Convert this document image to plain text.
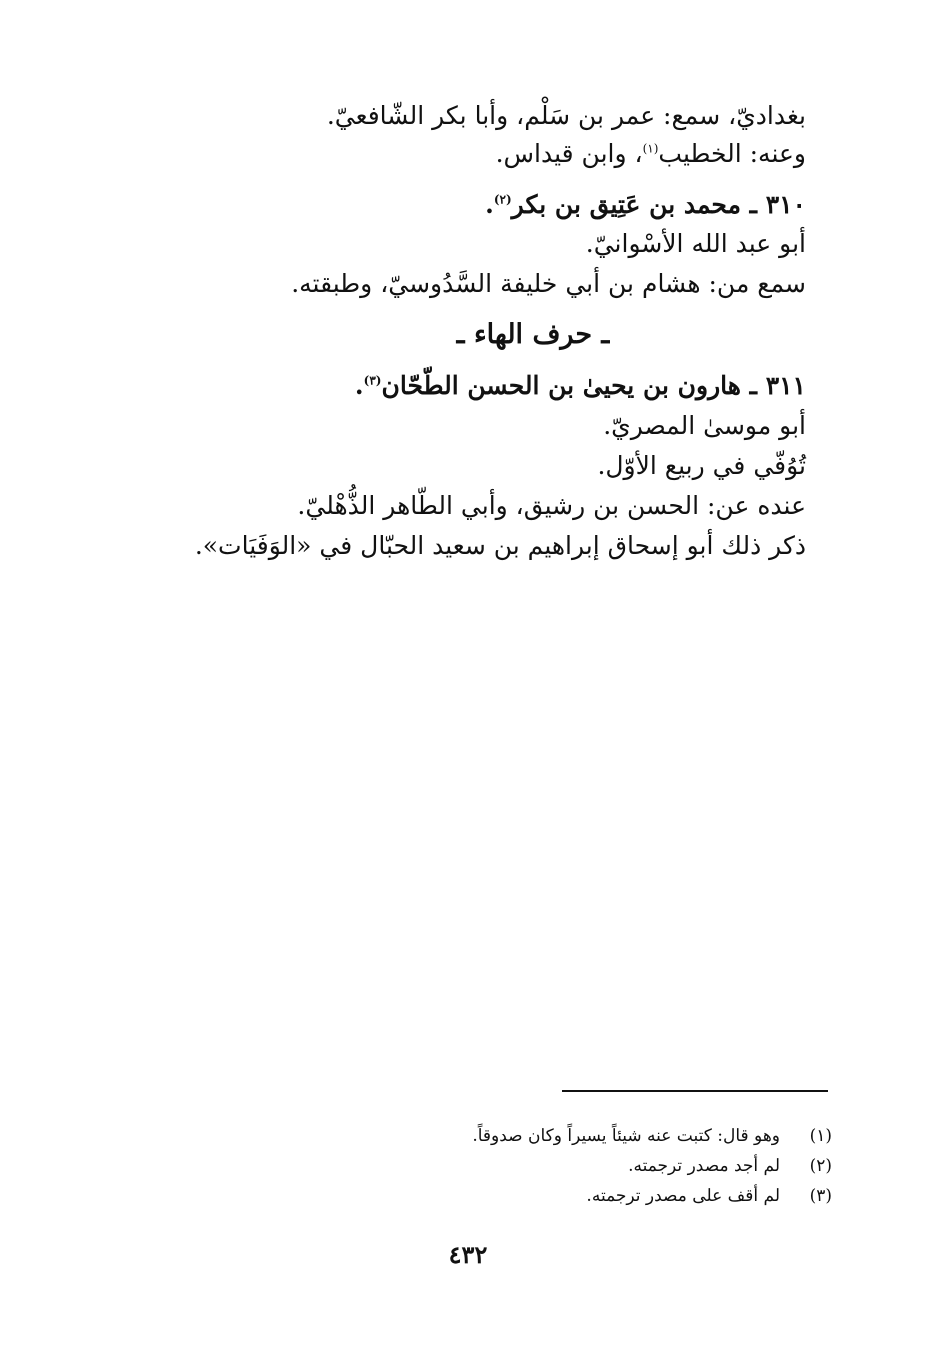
بغداديّ، سمع: عمر بن سَلْم، وأبا بكر الشّافعيّ.
وعنه: الخطيب$^{(١)}$، وابن قيداس.
٣١٠ ـ محمد بن عَتِيق بن بكر$^{(٢)}$.
أبو عبد الله الأسْوانيّ.
سمع من: هشام بن أبي خليفة السَّدُوسيّ، وطبقته.
ـ حرف الهاء ـ
٣١١ ـ هارون بن يحيىٰ بن الحسن الطّحّان$^{(٣)}$.
أبو موسىٰ المصريّ.
تُوُفّي في ربيع الأوّل.
عنده عن: الحسن بن رشيق، وأبي الطّاهر الذُّهْليّ.
ذكر ذلك أبو إسحاق إبراهيم بن سعيد الحبّال في «الوَفَيَات».
(١)وهو قال: كتبت عنه شيئاً يسيراً وكان صدوقاً.
(٢)لم أجد مصدر ترجمته.
(٣)لم أقف على مصدر ترجمته.
٤٣٢
